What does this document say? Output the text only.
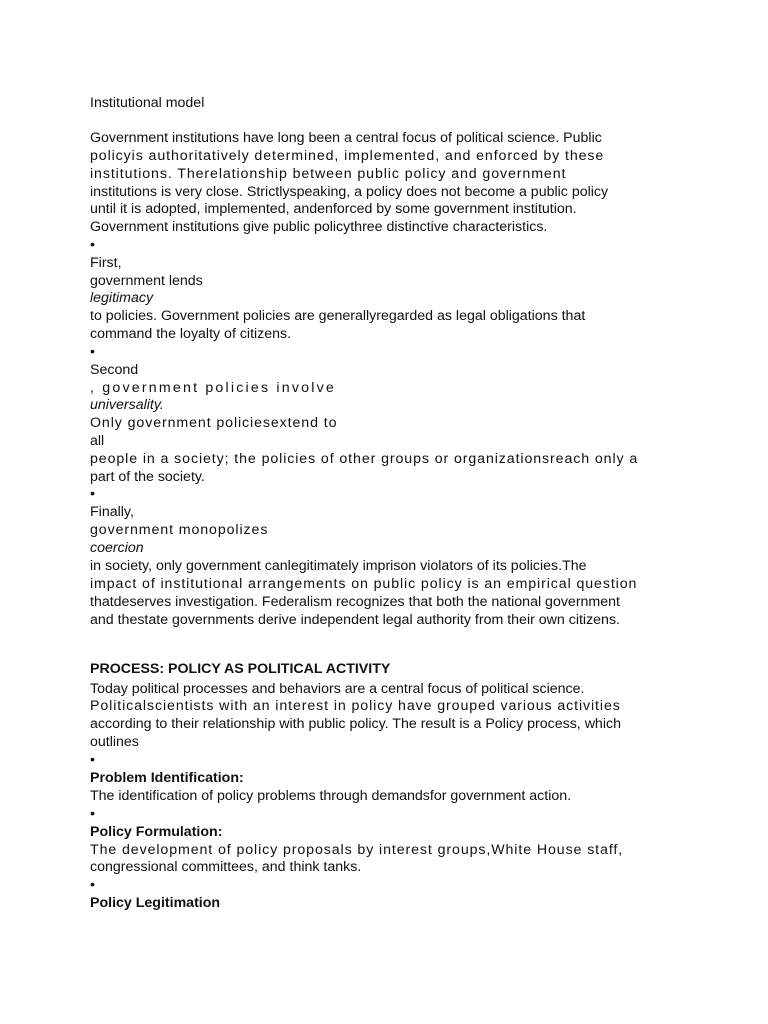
Institutional model

Government institutions have long been a central focus of political science. Public

policyis authoritatively determined, implemented, and enforced by these

institutions. Therelationship between public policy and government

institutions is very close. Strictlyspeaking, a policy does not become a public policy

until it is adopted, implemented, andenforced by some government institution.

Government institutions give public policythree distinctive characteristics.

•

First,

government lends

legitimacy

to policies. Government policies are generallyregarded as legal obligations that

command the loyalty of citizens.

•

Second

, government policies involve

universality.

Only government policiesextend to

all

people in a society; the policies of other groups or organizationsreach only a

part of the society.

•

Finally,

government monopolizes

coercion

in society, only government canlegitimately imprison violators of its policies.The

impact of institutional arrangements on public policy is an empirical question

thatdeserves investigation. Federalism recognizes that both the national government

and thestate governments derive independent legal authority from their own citizens.

PROCESS: POLICY AS POLITICAL ACTIVITY

Today political processes and behaviors are a central focus of political science.

Politicalscientists with an interest in policy have grouped various activities

according to their relationship with public policy. The result is a Policy process, which

outlines

•

Problem Identification:

The identification of policy problems through demandsfor government action.

•

Policy Formulation:

The development of policy proposals by interest groups,White House staff,

congressional committees, and think tanks.

•

Policy Legitimation
